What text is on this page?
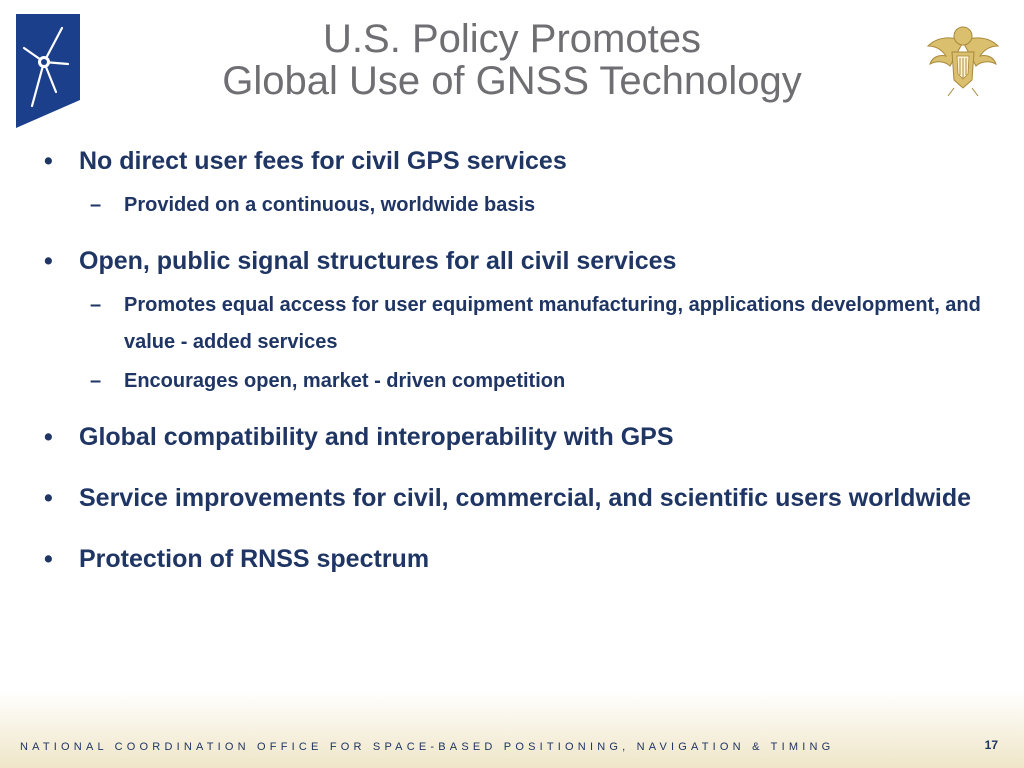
U.S. Policy Promotes
Global Use of GNSS Technology
• No direct user fees for civil GPS services
– Provided on a continuous, worldwide basis
• Open, public signal structures for all civil services
– Promotes equal access for user equipment manufacturing, applications development, and value - added services
– Encourages open, market - driven competition
• Global compatibility and interoperability with GPS
• Service improvements for civil, commercial, and scientific users worldwide
• Protection of RNSS spectrum
NATIONAL COORDINATION OFFICE FOR SPACE-BASED POSITIONING, NAVIGATION & TIMING	17
